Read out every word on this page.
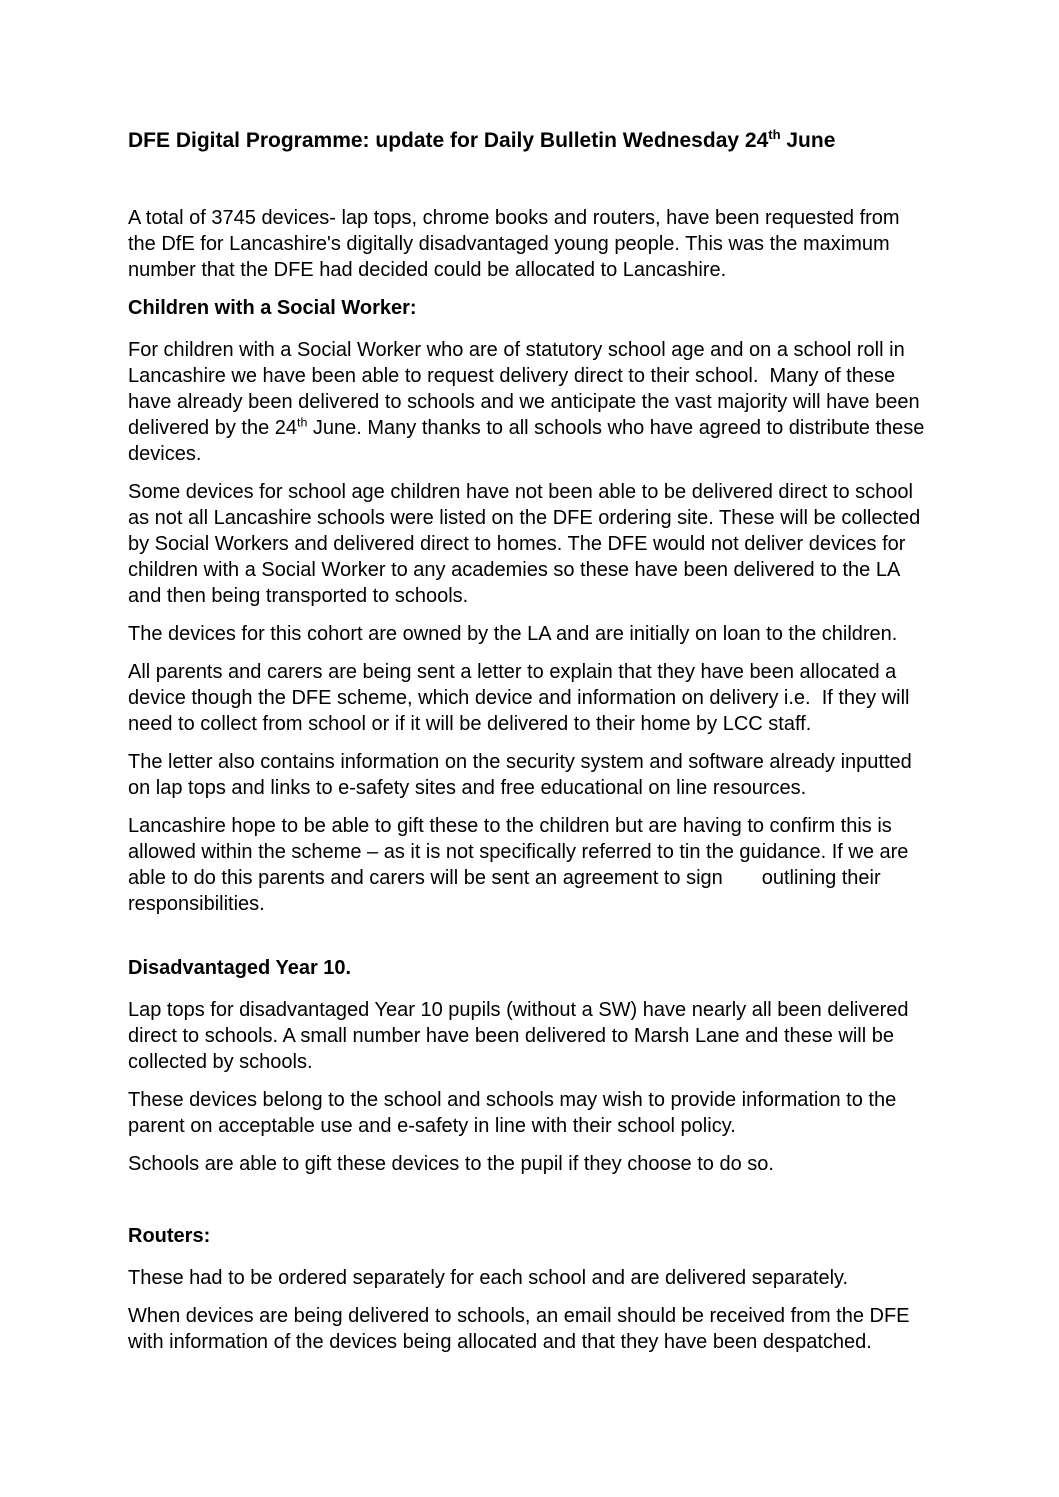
DFE Digital Programme: update for Daily Bulletin Wednesday 24th June

A total of 3745 devices- lap tops, chrome books and routers, have been requested from the DfE for Lancashire's digitally disadvantaged young people. This was the maximum number that the DFE had decided could be allocated to Lancashire.

Children with a Social Worker:

For children with a Social Worker who are of statutory school age and on a school roll in Lancashire we have been able to request delivery direct to their school.  Many of these have already been delivered to schools and we anticipate the vast majority will have been delivered by the 24th June. Many thanks to all schools who have agreed to distribute these devices.

Some devices for school age children have not been able to be delivered direct to school as not all Lancashire schools were listed on the DFE ordering site. These will be collected by Social Workers and delivered direct to homes. The DFE would not deliver devices for children with a Social Worker to any academies so these have been delivered to the LA and then being transported to schools.

The devices for this cohort are owned by the LA and are initially on loan to the children.

All parents and carers are being sent a letter to explain that they have been allocated a device though the DFE scheme, which device and information on delivery i.e.  If they will need to collect from school or if it will be delivered to their home by LCC staff.

The letter also contains information on the security system and software already inputted on lap tops and links to e-safety sites and free educational on line resources.

Lancashire hope to be able to gift these to the children but are having to confirm this is allowed within the scheme – as it is not specifically referred to tin the guidance. If we are able to do this parents and carers will be sent an agreement to sign       outlining their responsibilities.

Disadvantaged Year 10.

Lap tops for disadvantaged Year 10 pupils (without a SW) have nearly all been delivered direct to schools. A small number have been delivered to Marsh Lane and these will be collected by schools.

These devices belong to the school and schools may wish to provide information to the parent on acceptable use and e-safety in line with their school policy.

Schools are able to gift these devices to the pupil if they choose to do so.

Routers:

These had to be ordered separately for each school and are delivered separately.

When devices are being delivered to schools, an email should be received from the DFE with information of the devices being allocated and that they have been despatched.
